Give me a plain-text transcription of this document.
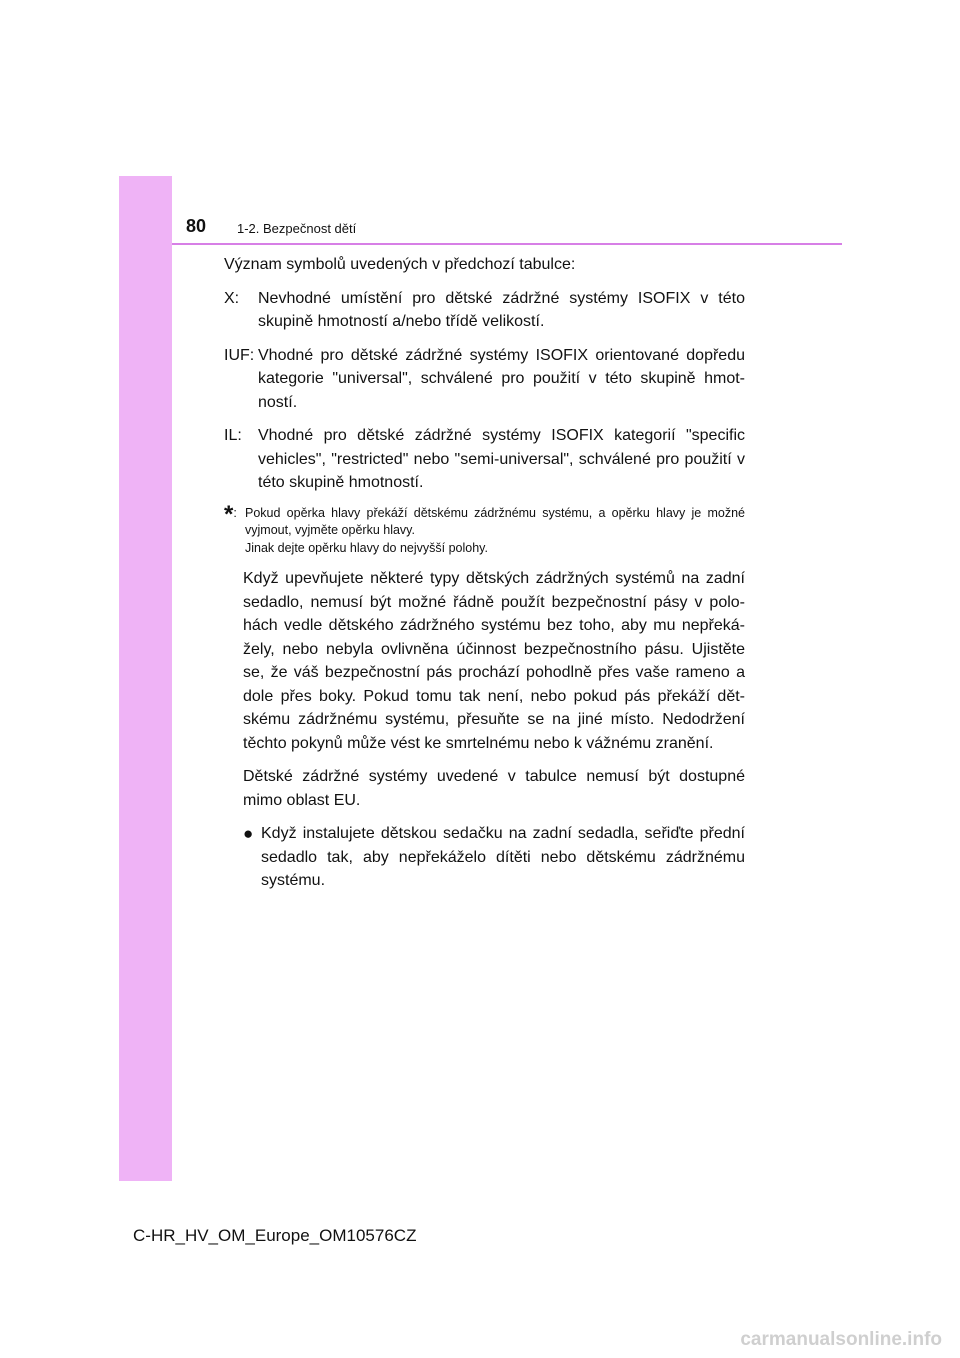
80 1-2. Bezpečnost dětí

Význam symbolů uvedených v předchozí tabulce:

X:	Nevhodné umístění pro dětské zádržné systémy ISOFIX v této skupině hmotností a/nebo třídě velikostí.
IUF: Vhodné pro dětské zádržné systémy ISOFIX orientované dopředu kategorie "universal", schválené pro použití v této skupině hmotností.
IL:	Vhodné pro dětské zádržné systémy ISOFIX kategorií "specific vehicles", "restricted" nebo "semi-universal", schválené pro použití v této skupině hmotností.
*: Pokud opěrka hlavy překáží dětskému zádržnému systému, a opěrku hlavy je možné vyjmout, vyjměte opěrku hlavy.
Jinak dejte opěrku hlavy do nejvyšší polohy.

Když upevňujete některé typy dětských zádržných systémů na zadní sedadlo, nemusí být možné řádně použít bezpečnostní pásy v polohách vedle dětského zádržného systému bez toho, aby mu nepřekážely, nebo nebyla ovlivněna účinnost bezpečnostního pásu. Ujistěte se, že váš bezpečnostní pás prochází pohodlně přes vaše rameno a dole přes boky. Pokud tomu tak není, nebo pokud pás překáží dětskému zádržnému systému, přesuňte se na jiné místo. Nedodržení těchto pokynů může vést ke smrtelnému nebo k vážnému zranění.

Dětské zádržné systémy uvedené v tabulce nemusí být dostupné mimo oblast EU.

● Když instalujete dětskou sedačku na zadní sedadla, seřiďte přední sedadlo tak, aby nepřekáželo dítěti nebo dětskému zádržnému systému.
C-HR_HV_OM_Europe_OM10576CZ
carmanualsonline.info
